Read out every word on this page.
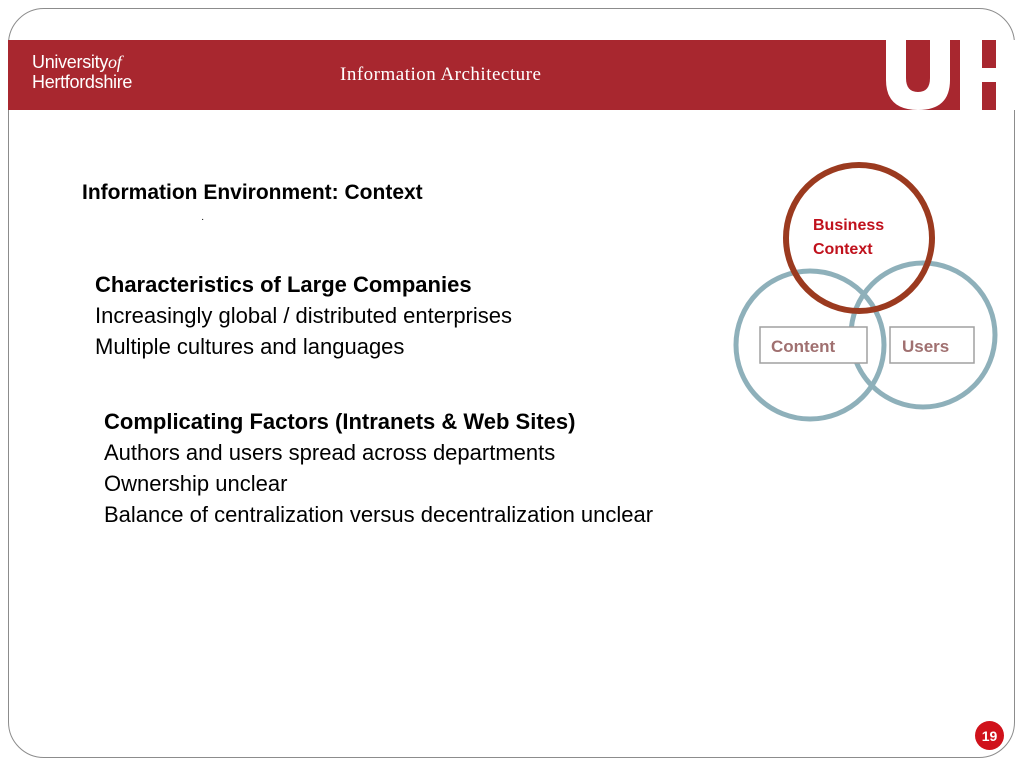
Universityof
Hertfordshire	Information Architecture
Information Environment: Context
·
Characteristics of Large Companies
Increasingly global / distributed enterprises
Multiple cultures and languages
Complicating Factors (Intranets & Web Sites)
Authors and users spread across departments
Ownership unclear
Balance of centralization versus decentralization unclear
Business
Context
Content	Users
19
